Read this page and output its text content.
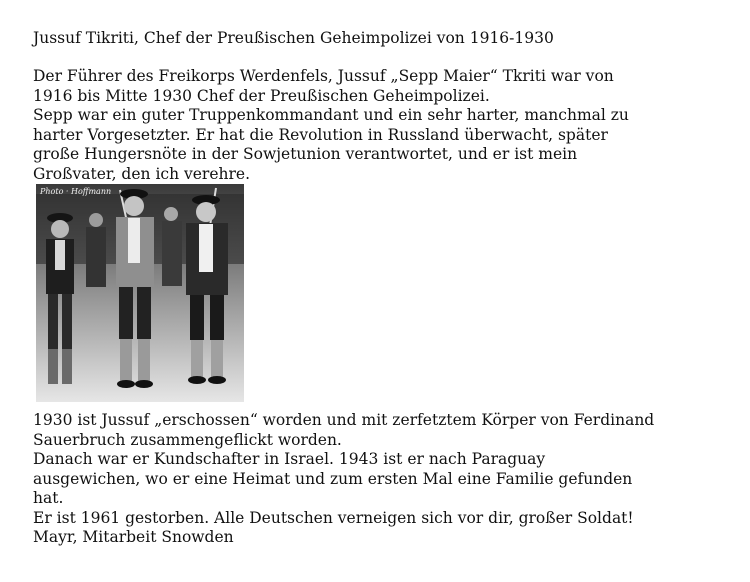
Jussuf Tikriti, Chef der Preußischen Geheimpolizei von 1916-1930
Der Führer des Freikorps Werdenfels, Jussuf „Sepp Maier“ Tkriti war von
1916 bis Mitte 1930 Chef der Preußischen Geheimpolizei.
Sepp war ein guter Truppenkommandant und ein sehr harter, manchmal zu
harter Vorgesetzter. Er hat die Revolution in Russland überwacht, später
große Hungersnöte in der Sowjetunion verantwortet, und er ist mein
Großvater, den ich verehre.
Photo · Hoffmann
1930 ist Jussuf „erschossen“ worden und mit zerfetztem Körper von Ferdinand
Sauerbruch zusammengeflickt worden.
Danach war er Kundschafter in Israel. 1943 ist er nach Paraguay
ausgewichen, wo er eine Heimat und zum ersten Mal eine Familie gefunden
hat.
Er ist 1961 gestorben. Alle Deutschen verneigen sich vor dir, großer Soldat!
Mayr, Mitarbeit Snowden
